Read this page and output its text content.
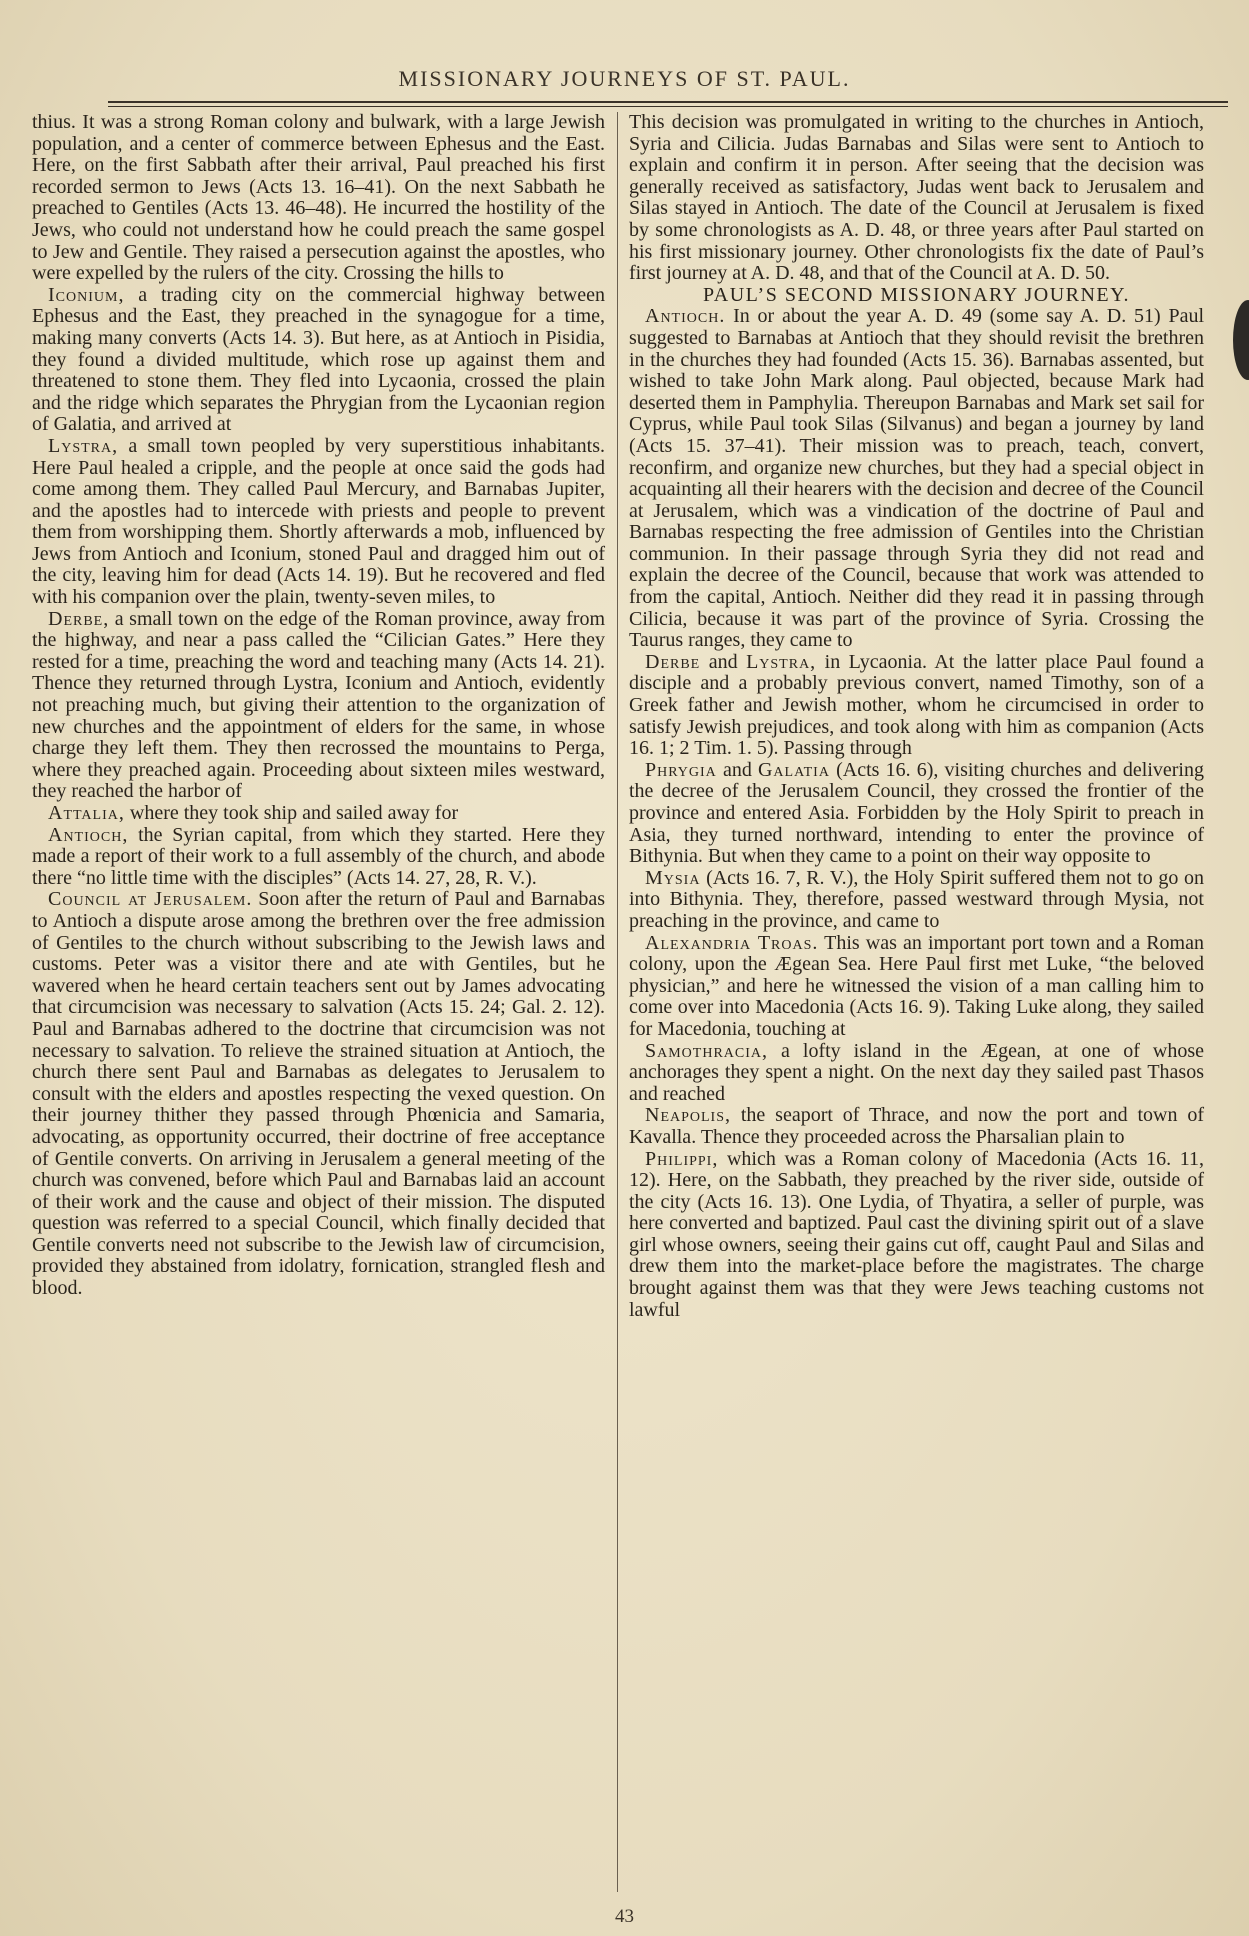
MISSIONARY JOURNEYS OF ST. PAUL.

thius. It was a strong Roman colony and bulwark, with a large Jewish population, and a center of commerce between Ephesus and the East. Here, on the first Sabbath after their arrival, Paul preached his first recorded sermon to Jews (Acts 13. 16–41). On the next Sabbath he preached to Gentiles (Acts 13. 46–48). He incurred the hostility of the Jews, who could not understand how he could preach the same gospel to Jew and Gentile. They raised a persecution against the apostles, who were expelled by the rulers of the city. Crossing the hills to

Iconium, a trading city on the commercial highway between Ephesus and the East, they preached in the synagogue for a time, making many converts (Acts 14. 3). But here, as at Antioch in Pisidia, they found a divided multitude, which rose up against them and threatened to stone them. They fled into Lycaonia, crossed the plain and the ridge which separates the Phrygian from the Lycaonian region of Galatia, and arrived at

Lystra, a small town peopled by very superstitious inhabitants. Here Paul healed a cripple, and the people at once said the gods had come among them. They called Paul Mercury, and Barnabas Jupiter, and the apostles had to intercede with priests and people to prevent them from worshipping them. Shortly afterwards a mob, influenced by Jews from Antioch and Iconium, stoned Paul and dragged him out of the city, leaving him for dead (Acts 14. 19). But he recovered and fled with his companion over the plain, twenty-seven miles, to

Derbe, a small town on the edge of the Roman province, away from the highway, and near a pass called the “Cilician Gates.” Here they rested for a time, preaching the word and teaching many (Acts 14. 21). Thence they returned through Lystra, Iconium and Antioch, evidently not preaching much, but giving their attention to the organization of new churches and the appointment of elders for the same, in whose charge they left them. They then recrossed the mountains to Perga, where they preached again. Proceeding about sixteen miles westward, they reached the harbor of

Attalia, where they took ship and sailed away for

Antioch, the Syrian capital, from which they started. Here they made a report of their work to a full assembly of the church, and abode there “no little time with the disciples” (Acts 14. 27, 28, R. V.).

Council at Jerusalem. Soon after the return of Paul and Barnabas to Antioch a dispute arose among the brethren over the free admission of Gentiles to the church without subscribing to the Jewish laws and customs. Peter was a visitor there and ate with Gentiles, but he wavered when he heard certain teachers sent out by James advocating that circumcision was necessary to salvation (Acts 15. 24; Gal. 2. 12). Paul and Barnabas adhered to the doctrine that circumcision was not necessary to salvation. To relieve the strained situation at Antioch, the church there sent Paul and Barnabas as delegates to Jerusalem to consult with the elders and apostles respecting the vexed question. On their journey thither they passed through Phœnicia and Samaria, advocating, as opportunity occurred, their doctrine of free acceptance of Gentile converts. On arriving in Jerusalem a general meeting of the church was convened, before which Paul and Barnabas laid an account of their work and the cause and object of their mission. The disputed question was referred to a special Council, which finally decided that Gentile converts need not subscribe to the Jewish law of circumcision, provided they abstained from idolatry, fornication, strangled flesh and blood.

This decision was promulgated in writing to the churches in Antioch, Syria and Cilicia. Judas Barnabas and Silas were sent to Antioch to explain and confirm it in person. After seeing that the decision was generally received as satisfactory, Judas went back to Jerusalem and Silas stayed in Antioch. The date of the Council at Jerusalem is fixed by some chronologists as A. D. 48, or three years after Paul started on his first missionary journey. Other chronologists fix the date of Paul’s first journey at A. D. 48, and that of the Council at A. D. 50.

PAUL’S SECOND MISSIONARY JOURNEY.

Antioch. In or about the year A. D. 49 (some say A. D. 51) Paul suggested to Barnabas at Antioch that they should revisit the brethren in the churches they had founded (Acts 15. 36). Barnabas assented, but wished to take John Mark along. Paul objected, because Mark had deserted them in Pamphylia. Thereupon Barnabas and Mark set sail for Cyprus, while Paul took Silas (Silvanus) and began a journey by land (Acts 15. 37–41). Their mission was to preach, teach, convert, reconfirm, and organize new churches, but they had a special object in acquainting all their hearers with the decision and decree of the Council at Jerusalem, which was a vindication of the doctrine of Paul and Barnabas respecting the free admission of Gentiles into the Christian communion. In their passage through Syria they did not read and explain the decree of the Council, because that work was attended to from the capital, Antioch. Neither did they read it in passing through Cilicia, because it was part of the province of Syria. Crossing the Taurus ranges, they came to

Derbe and Lystra, in Lycaonia. At the latter place Paul found a disciple and a probably previous convert, named Timothy, son of a Greek father and Jewish mother, whom he circumcised in order to satisfy Jewish prejudices, and took along with him as companion (Acts 16. 1; 2 Tim. 1. 5). Passing through

Phrygia and Galatia (Acts 16. 6), visiting churches and delivering the decree of the Jerusalem Council, they crossed the frontier of the province and entered Asia. Forbidden by the Holy Spirit to preach in Asia, they turned northward, intending to enter the province of Bithynia. But when they came to a point on their way opposite to

Mysia (Acts 16. 7, R. V.), the Holy Spirit suffered them not to go on into Bithynia. They, therefore, passed westward through Mysia, not preaching in the province, and came to

Alexandria Troas. This was an important port town and a Roman colony, upon the Ægean Sea. Here Paul first met Luke, “the beloved physician,” and here he witnessed the vision of a man calling him to come over into Macedonia (Acts 16. 9). Taking Luke along, they sailed for Macedonia, touching at

Samothracia, a lofty island in the Ægean, at one of whose anchorages they spent a night. On the next day they sailed past Thasos and reached

Neapolis, the seaport of Thrace, and now the port and town of Kavalla. Thence they proceeded across the Pharsalian plain to

Philippi, which was a Roman colony of Macedonia (Acts 16. 11, 12). Here, on the Sabbath, they preached by the river side, outside of the city (Acts 16. 13). One Lydia, of Thyatira, a seller of purple, was here converted and baptized. Paul cast the divining spirit out of a slave girl whose owners, seeing their gains cut off, caught Paul and Silas and drew them into the market-place before the magistrates. The charge brought against them was that they were Jews teaching customs not lawful

43
